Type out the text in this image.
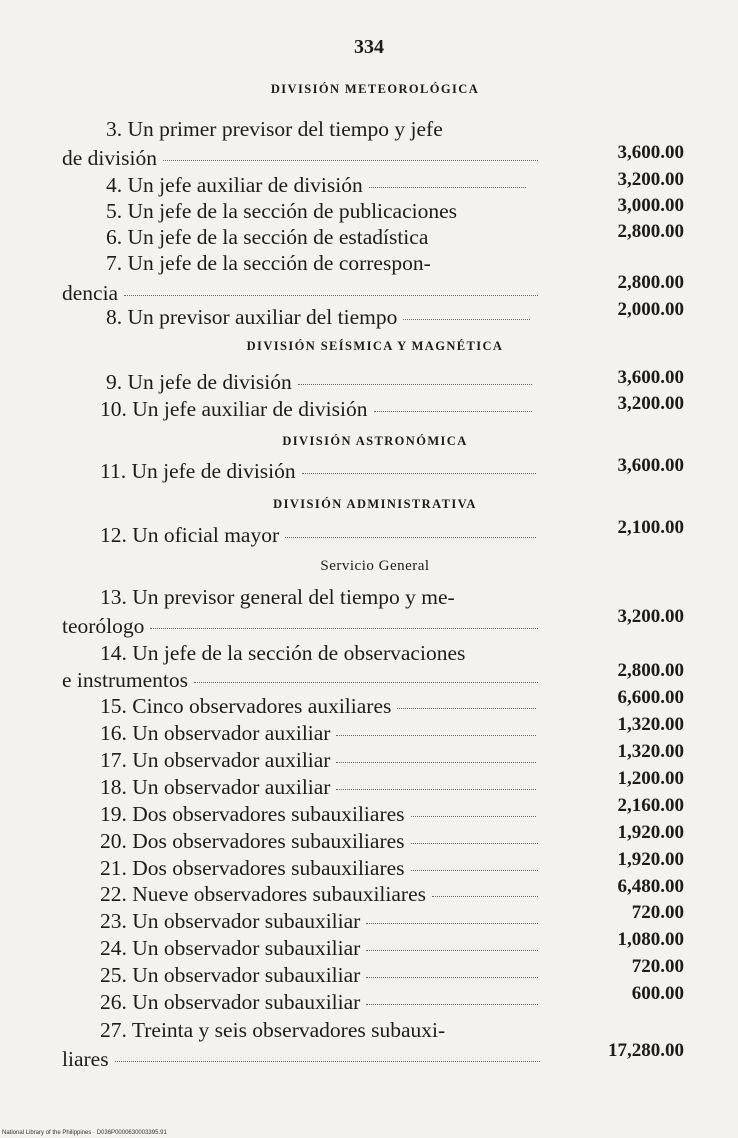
334
DIVISIÓN METEOROLÓGICA
3. Un primer previsor del tiempo y jefe
de división	3,600.00
4. Un jefe auxiliar de división	3,200.00
5. Un jefe de la sección de publicaciones	3,000.00
6. Un jefe de la sección de estadística	2,800.00
7. Un jefe de la sección de correspon-
dencia	2,800.00
8. Un previsor auxiliar del tiempo	2,000.00
DIVISIÓN SEÍSMICA Y MAGNÉTICA
9. Un jefe de división	3,600.00
10. Un jefe auxiliar de división	3,200.00
DIVISIÓN ASTRONÓMICA
11. Un jefe de división	3,600.00
DIVISIÓN ADMINISTRATIVA
12. Un oficial mayor	2,100.00
Servicio General
13. Un previsor general del tiempo y me-
teorólogo	3,200.00
14. Un jefe de la sección de observaciones
e instrumentos	2,800.00
15. Cinco observadores auxiliares	6,600.00
16. Un observador auxiliar	1,320.00
17. Un observador auxiliar	1,320.00
18. Un observador auxiliar	1,200.00
19. Dos observadores subauxiliares	2,160.00
20. Dos observadores subauxiliares	1,920.00
21. Dos observadores subauxiliares	1,920.00
22. Nueve observadores subauxiliares	6,480.00
23. Un observador subauxiliar	720.00
24. Un observador subauxiliar	1,080.00
25. Un observador subauxiliar	720.00
26. Un observador subauxiliar	600.00
27. Treinta y seis observadores subauxi-
liares	17,280.00
National Library of the Philippines · D036P0000630003395.91
